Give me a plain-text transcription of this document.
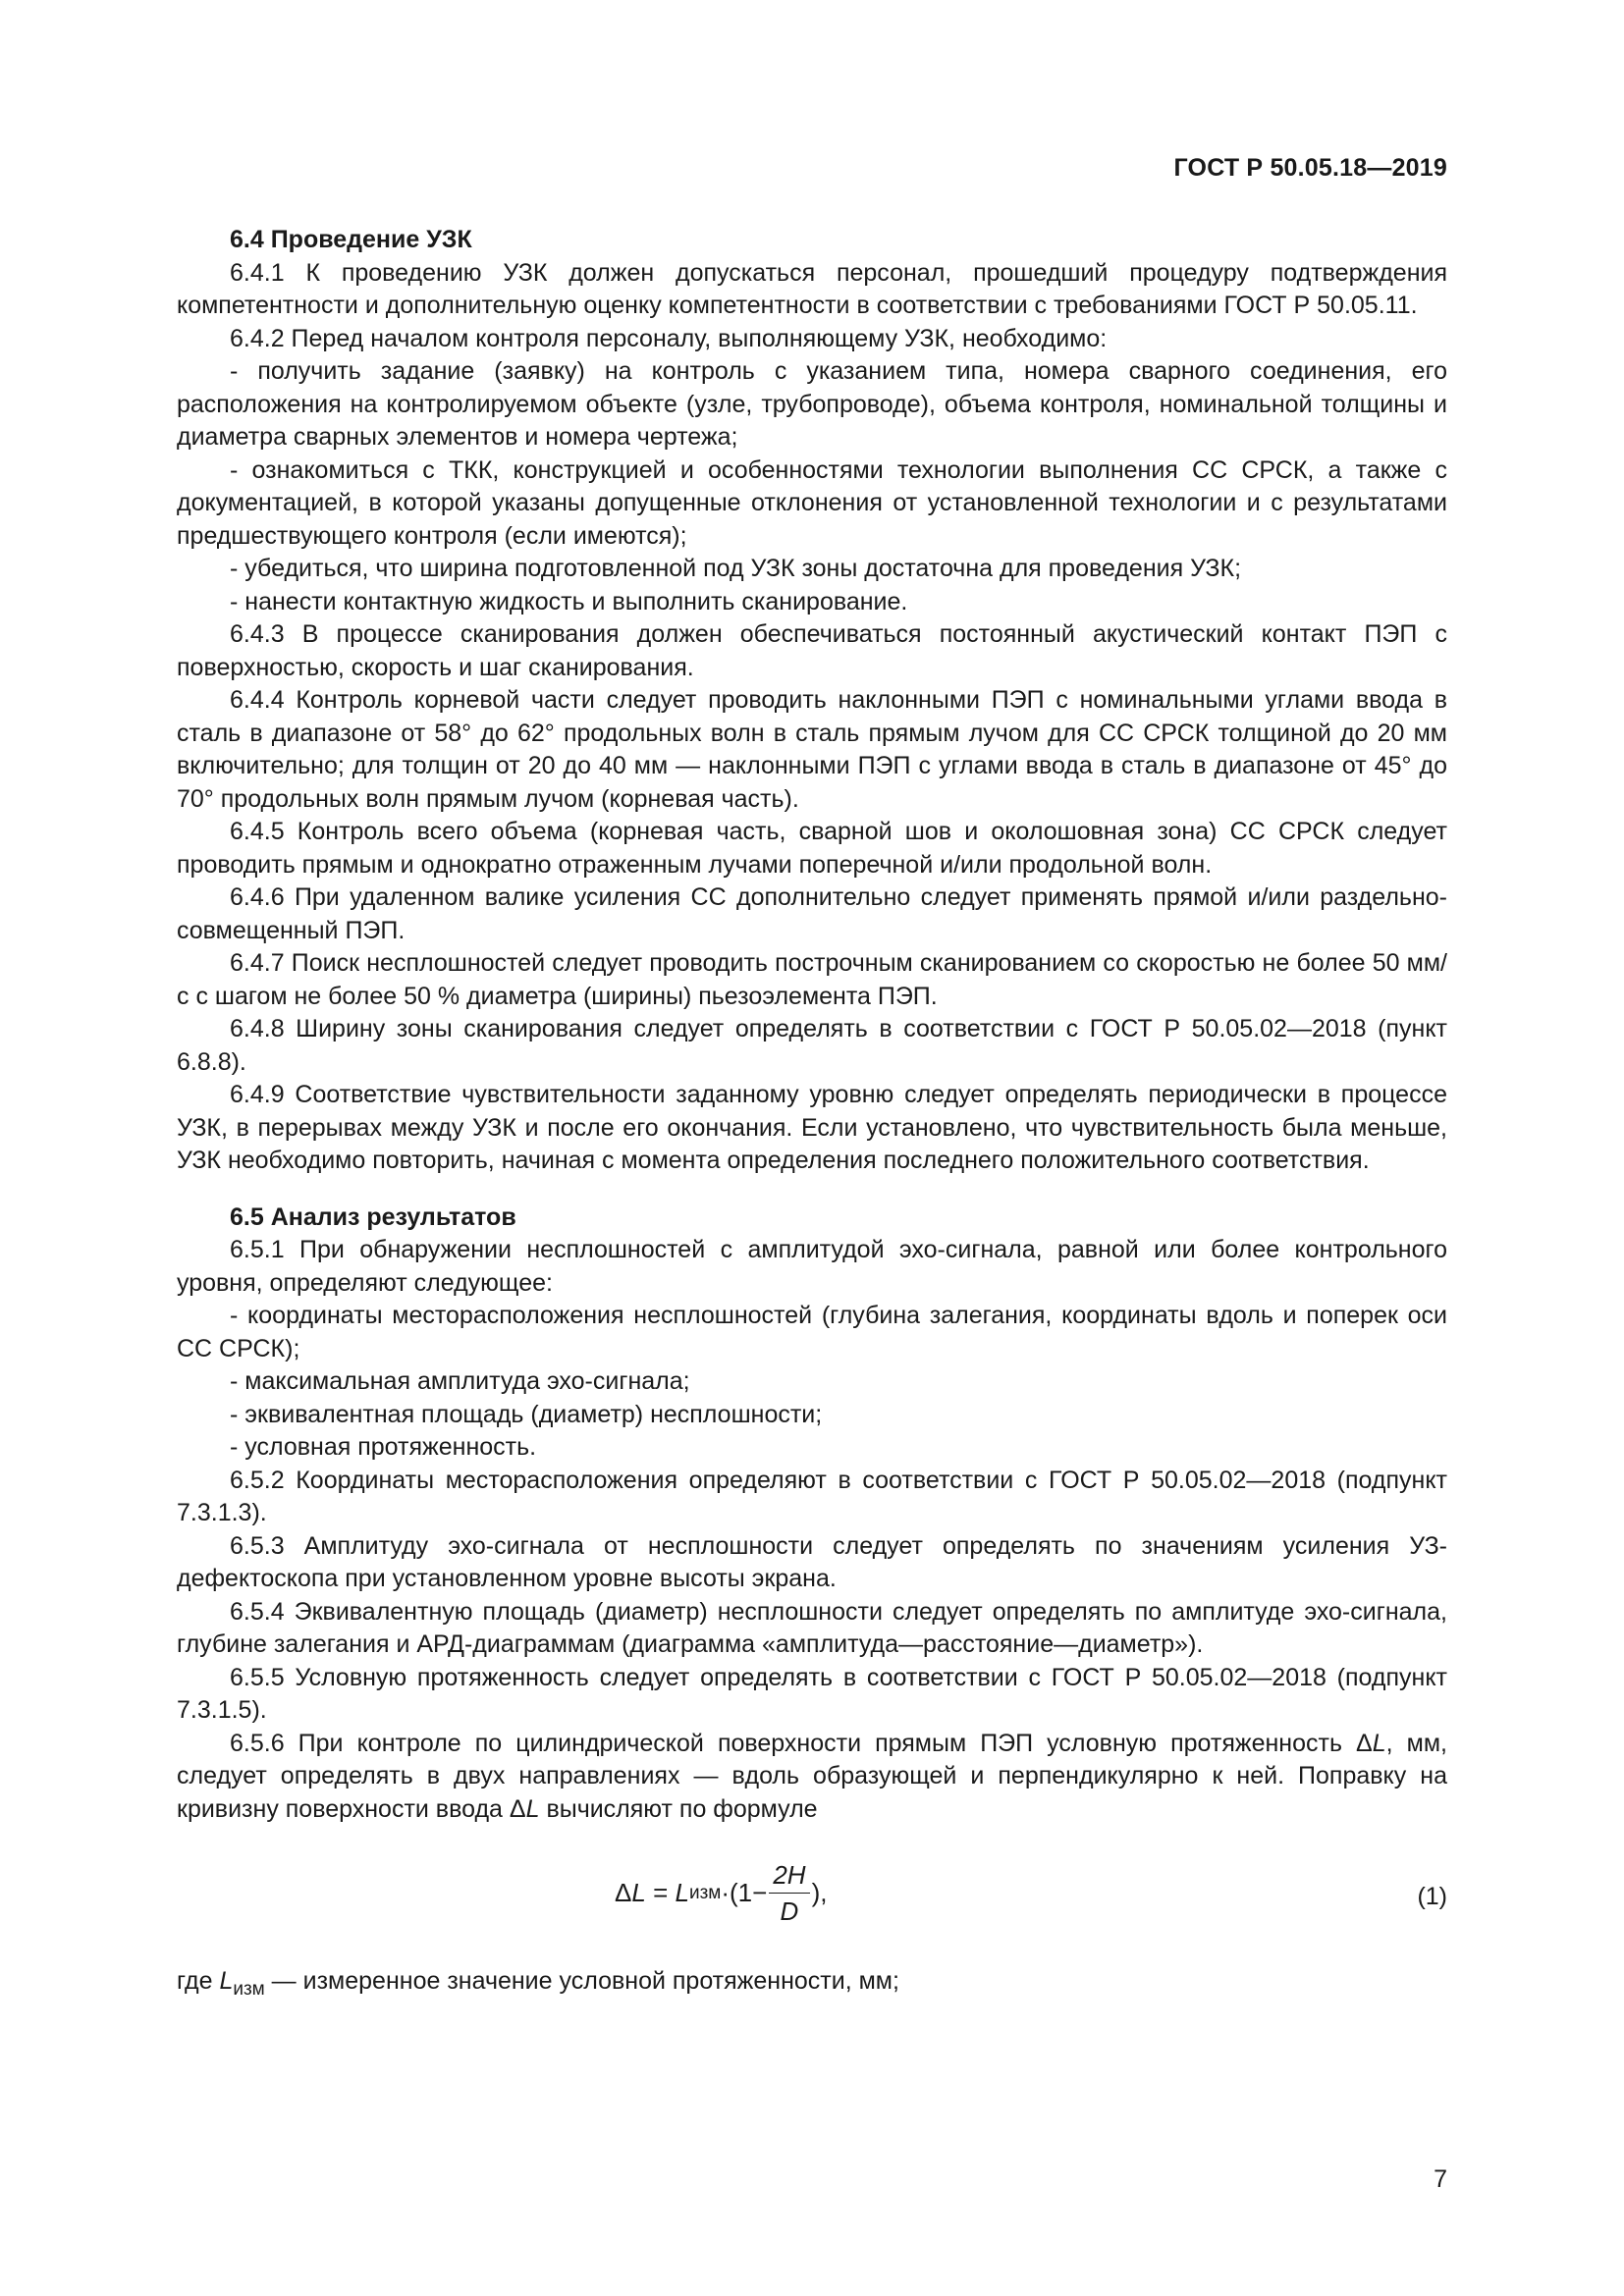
ГОСТ Р 50.05.18—2019

6.4 Проведение УЗК

6.4.1 К проведению УЗК должен допускаться персонал, прошедший процедуру подтверждения компетентности и дополнительную оценку компетентности в соответствии с требованиями ГОСТ Р 50.05.11.

6.4.2 Перед началом контроля персоналу, выполняющему УЗК, необходимо:

- получить задание (заявку) на контроль с указанием типа, номера сварного соединения, его расположения на контролируемом объекте (узле, трубопроводе), объема контроля, номинальной толщины и диаметра сварных элементов и номера чертежа;

- ознакомиться с ТКК, конструкцией и особенностями технологии выполнения СС СРСК, а также с документацией, в которой указаны допущенные отклонения от установленной технологии и с результатами предшествующего контроля (если имеются);

- убедиться, что ширина подготовленной под УЗК зоны достаточна для проведения УЗК;

- нанести контактную жидкость и выполнить сканирование.

6.4.3 В процессе сканирования должен обеспечиваться постоянный акустический контакт ПЭП с поверхностью, скорость и шаг сканирования.

6.4.4 Контроль корневой части следует проводить наклонными ПЭП с номинальными углами ввода в сталь в диапазоне от 58° до 62° продольных волн в сталь прямым лучом для СС СРСК толщиной до 20 мм включительно; для толщин от 20 до 40 мм — наклонными ПЭП с углами ввода в сталь в диапазоне от 45° до 70° продольных волн прямым лучом (корневая часть).

6.4.5 Контроль всего объема (корневая часть, сварной шов и околошовная зона) СС СРСК следует проводить прямым и однократно отраженным лучами поперечной и/или продольной волн.

6.4.6 При удаленном валике усиления СС дополнительно следует применять прямой и/или раздельно-совмещенный ПЭП.

6.4.7 Поиск несплошностей следует проводить построчным сканированием со скоростью не более 50 мм/с с шагом не более 50 % диаметра (ширины) пьезоэлемента ПЭП.

6.4.8 Ширину зоны сканирования следует определять в соответствии с ГОСТ Р 50.05.02—2018 (пункт 6.8.8).

6.4.9 Соответствие чувствительности заданному уровню следует определять периодически в процессе УЗК, в перерывах между УЗК и после его окончания. Если установлено, что чувствительность была меньше, УЗК необходимо повторить, начиная с момента определения последнего положительного соответствия.

6.5 Анализ результатов

6.5.1 При обнаружении несплошностей с амплитудой эхо-сигнала, равной или более контрольного уровня, определяют следующее:

- координаты месторасположения несплошностей (глубина залегания, координаты вдоль и поперек оси СС СРСК);

- максимальная амплитуда эхо-сигнала;

- эквивалентная площадь (диаметр) несплошности;

- условная протяженность.

6.5.2 Координаты месторасположения определяют в соответствии с ГОСТ Р 50.05.02—2018 (подпункт 7.3.1.3).

6.5.3 Амплитуду эхо-сигнала от несплошности следует определять по значениям усиления УЗ-дефектоскопа при установленном уровне высоты экрана.

6.5.4 Эквивалентную площадь (диаметр) несплошности следует определять по амплитуде эхо-сигнала, глубине залегания и АРД-диаграммам (диаграмма «амплитуда—расстояние—диаметр»).

6.5.5 Условную протяженность следует определять в соответствии с ГОСТ Р 50.05.02—2018 (подпункт 7.3.1.5).

6.5.6 При контроле по цилиндрической поверхности прямым ПЭП условную протяженность ΔL, мм, следует определять в двух направлениях — вдоль образующей и перпендикулярно к ней. Поправку на кривизну поверхности ввода ΔL вычисляют по формуле

Δ L = L изм $\cdot(1- \frac{2H}{D}$ ),	(1)

где $L_{изм}$ — измеренное значение условной протяженности, мм;

7
